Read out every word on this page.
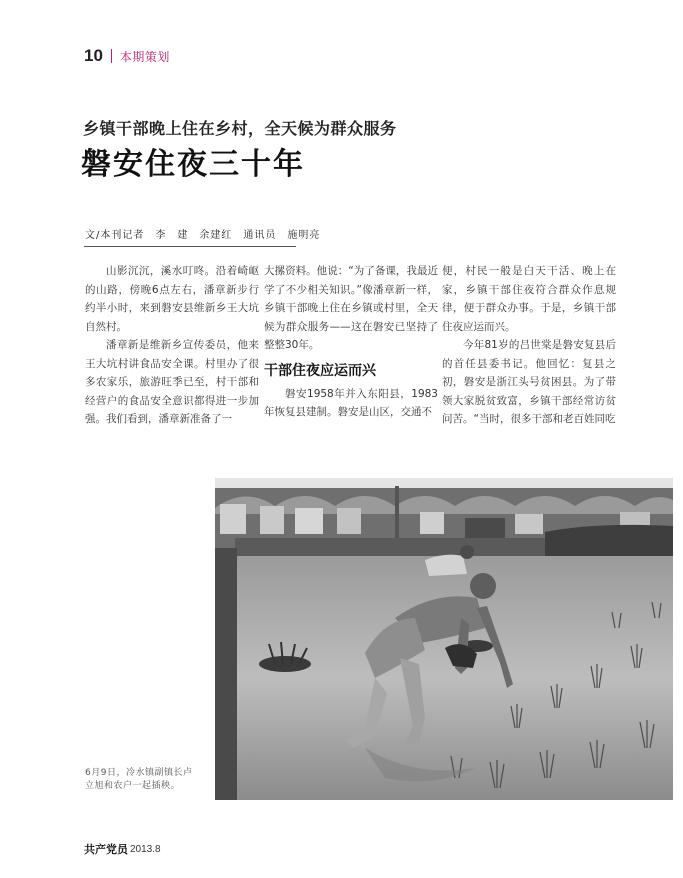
10 本期策划
乡镇干部晚上住在乡村，全天候为群众服务
磐安住夜三十年
文/本刊记者　李　建　余建红　通讯员　施明亮

山影沉沉，溪水叮咚。沿着崎岖的山路，傍晚6点左右，潘章新步行约半小时，来到磐安县维新乡王大坑自然村。

潘章新是维新乡宣传委员，他来王大坑村讲食品安全课。村里办了很多农家乐，旅游旺季已至，村干部和经营户的食品安全意识都得进一步加强。我们看到，潘章新准备了一

大摞资料。他说：“为了备课，我最近学了不少相关知识。”像潘章新一样，乡镇干部晚上住在乡镇或村里，全天候为群众服务——这在磐安已坚持了整整30年。

干部住夜应运而兴

磐安1958年并入东阳县，1983年恢复县建制。磐安是山区，交通不

便，村民一般是白天干活、晚上在家，乡镇干部住夜符合群众作息规律，便于群众办事。于是，乡镇干部住夜应运而兴。

今年81岁的吕世棠是磐安复县后的首任县委书记。他回忆：复县之初，磐安是浙江头号贫困县。为了带领大家脱贫致富，乡镇干部经常访贫问苦。“当时，很多干部和老百姓同吃

6月9日，冷水镇副镇长卢立旭和农户一起插秧。
共产党员 2013.8
